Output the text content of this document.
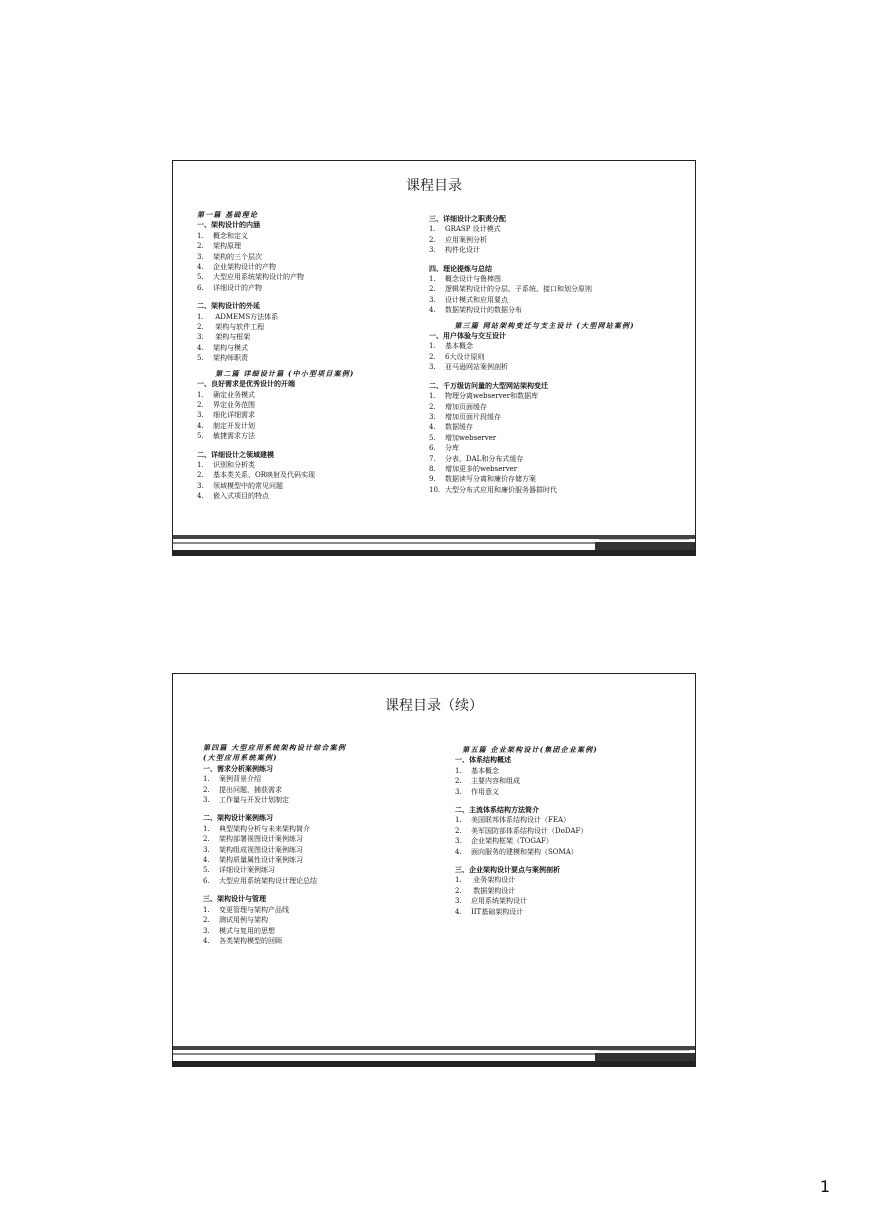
课程目录
第一篇 基础理论
一、架构设计的内涵
1. 概念和定义
2. 架构原理
3. 架构的三个层次
4. 企业架构设计的产物
5. 大型应用系统架构设计的产物
6. 详细设计的产物
二、架构设计的外延
1. ADMEMS方法体系
2. 架构与软件工程
3. 架构与框架
4. 架构与模式
5. 架构师职责
第二篇 详细设计篇 (中小型项目案例)
一、良好需求是优秀设计的开端
1. 确定业务模式
2. 界定业务范围
3. 细化详细需求
4. 制定开发计划
5. 敏捷需求方法
二、详细设计之领域建模
1. 识别和分析类
2. 基本类关系、OR映射及代码实现
3. 领域模型中的常见问题
4. 嵌入式项目的特点
三、详细设计之职责分配
1. GRASP 设计模式
2. 应用案例分析
3. 构件化设计
四、理论提炼与总结
1. 概念设计与鲁棒图
2. 逻辑架构设计的分层、子系统、接口和划分原则
3. 设计模式和应用要点
4. 数据架构设计的数据分布
第三篇 网站架构变迁与支主设计 (大型网站案例)
一、用户体验与交互设计
1. 基本概念
2. 6大设计原则
3. 亚马逊网站案例剖析
二、千万级访问量的大型网站架构变迁
1. 物理分离webserver和数据库
2. 增加页面缓存
3. 增加页面片段缓存
4. 数据缓存
5. 增加webserver
6. 分库
7. 分表、DAL和分布式缓存
8. 增加更多的webserver
9. 数据读写分离和廉价存储方案
10. 大型分布式应用和廉价服务器群时代
课程目录（续）
第四篇 大型应用系统架构设计综合案例
(大型应用系统案例)
一、需求分析案例练习
1. 案例背景介绍
2. 提出问题，捕获需求
3. 工作量与开发计划制定
二、架构设计案例练习
1. 典型架构分析与未来架构简介
2. 架构部署视图设计案例练习
3. 架构组成视图设计案例练习
4. 架构质量属性设计案例练习
5. 详细设计案例练习
6. 大型应用系统架构设计理论总结
三、架构设计与管理
1. 变更管理与架构产品线
2. 测试用例与架构
3. 模式与复用的思想
4. 各类架构模型的回顾
第五篇 企业架构设计(集团企业案例)
一、体系结构概述
1. 基本概念
2. 主要内容和组成
3. 作用意义
二、主流体系结构方法简介
1. 美国联邦体系结构设计（FEA）
2. 美军国防部体系结构设计（DoDAF）
3. 企业架构框架（TOGAF）
4. 面向服务的建模和架构（SOMA）
三、企业架构设计要点与案例剖析
1. 业务架构设计
2. 数据架构设计
3. 应用系统架构设计
4. IIT基础架构设计
1
